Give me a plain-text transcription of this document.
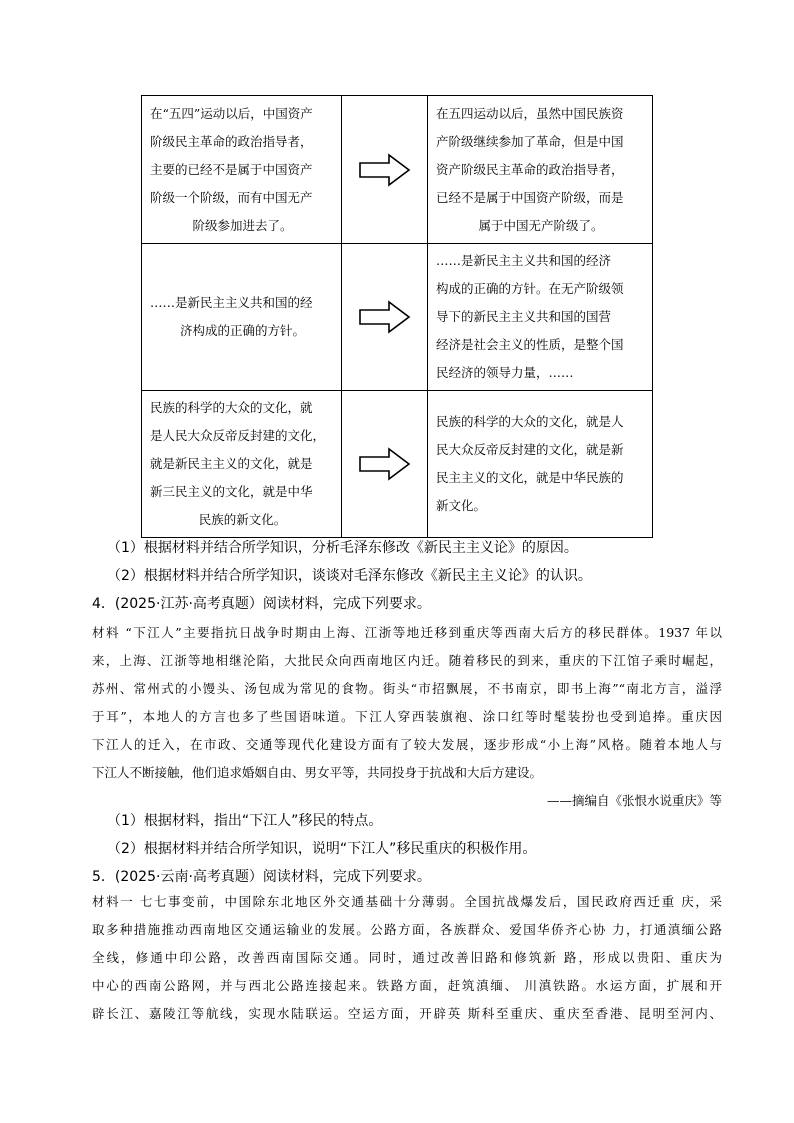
在“五四”运动以后，中国资产
阶级民主革命的政治指导者，
主要的已经不是属于中国资产
阶级一个阶级，而有中国无产
阶级参加进去了。		在五四运动以后，虽然中国民族资
产阶级继续参加了革命，但是中国
资产阶级民主革命的政治指导者，
已经不是属于中国资产阶级，而是
属于中国无产阶级了。

……是新民主主义共和国的经
济构成的正确的方针。		……是新民主主义共和国的经济
构成的正确的方针。在无产阶级领
导下的新民主主义共和国的国营
经济是社会主义的性质，是整个国
民经济的领导力量，……

民族的科学的大众的文化，就
是人民大众反帝反封建的文化，
就是新民主主义的文化，就是
新三民主义的文化，就是中华
民族的新文化。		民族的科学的大众的文化，就是人
民大众反帝反封建的文化，就是新
民主主义的文化，就是中华民族的
新文化。
（1）根据材料并结合所学知识，分析毛泽东修改《新民主主义论》的原因。
（2）根据材料并结合所学知识，谈谈对毛泽东修改《新民主主义论》的认识。
4．(2025·江苏·高考真题）阅读材料，完成下列要求。
材料 “下江人”主要指抗日战争时期由上海、江浙等地迁移到重庆等西南大后方的移民群体。1937 年以
来，上海、江浙等地相继沦陷，大批民众向西南地区内迁。随着移民的到来，重庆的下江馆子乘时崛起，
苏州、常州式的小馒头、汤包成为常见的食物。街头“市招飘展，不书南京，即书上海”“南北方言，溢浮
于耳”，本地人的方言也多了些国语味道。下江人穿西装旗袍、涂口红等时髦装扮也受到追捧。重庆因
下江人的迁入，在市政、交通等现代化建设方面有了较大发展，逐步形成“小上海”风格。随着本地人与
下江人不断接触，他们追求婚姻自由、男女平等，共同投身于抗战和大后方建设。
——摘编自《张恨水说重庆》等
（1）根据材料，指出“下江人”移民的特点。
（2）根据材料并结合所学知识，说明“下江人”移民重庆的积极作用。
5．(2025·云南·高考真题）阅读材料，完成下列要求。
材料一 七七事变前，中国除东北地区外交通基础十分薄弱。全国抗战爆发后，国民政府西迁重 庆，采
取多种措施推动西南地区交通运输业的发展。公路方面，各族群众、爱国华侨齐心协 力，打通滇缅公路
全线，修通中印公路，改善西南国际交通。同时，通过改善旧路和修筑新 路，形成以贵阳、重庆为
中心的西南公路网，并与西北公路连接起来。铁路方面，赶筑滇缅、 川滇铁路。水运方面，扩展和开
辟长江、嘉陵江等航线，实现水陆联运。空运方面，开辟英 斯科至重庆、重庆至香港、昆明至河内、
